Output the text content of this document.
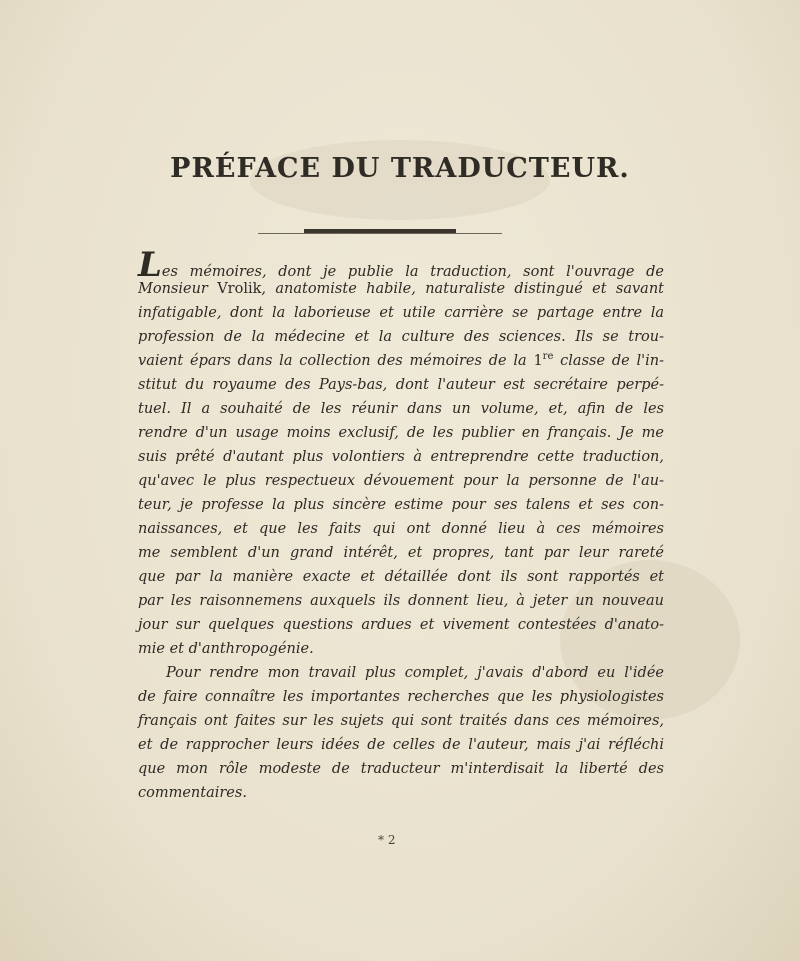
PRÉFACE DU TRADUCTEUR.
Les mémoires, dont je publie la traduction, sont l'ouvrage de
Monsieur Vrolik, anatomiste habile, naturaliste distingué et savant
infatigable, dont la laborieuse et utile carrière se partage entre la
profession de la médecine et la culture des sciences. Ils se trou-
vaient épars dans la collection des mémoires de la 1re classe de l'in-
stitut du royaume des Pays-bas, dont l'auteur est secrétaire perpé-
tuel. Il a souhaité de les réunir dans un volume, et, afin de les
rendre d'un usage moins exclusif, de les publier en français. Je me
suis prêté d'autant plus volontiers à entreprendre cette traduction,
qu'avec le plus respectueux dévouement pour la personne de l'au-
teur, je professe la plus sincère estime pour ses talens et ses con-
naissances, et que les faits qui ont donné lieu à ces mémoires
me semblent d'un grand intérêt, et propres, tant par leur rareté
que par la manière exacte et détaillée dont ils sont rapportés et
par les raisonnemens auxquels ils donnent lieu, à jeter un nouveau
jour sur quelques questions ardues et vivement contestées d'anato-
mie et d'anthropogénie.
Pour rendre mon travail plus complet, j'avais d'abord eu l'idée
de faire connaître les importantes recherches que les physiologistes
français ont faites sur les sujets qui sont traités dans ces mémoires,
et de rapprocher leurs idées de celles de l'auteur, mais j'ai réfléchi
que mon rôle modeste de traducteur m'interdisait la liberté des
commentaires.
* 2
